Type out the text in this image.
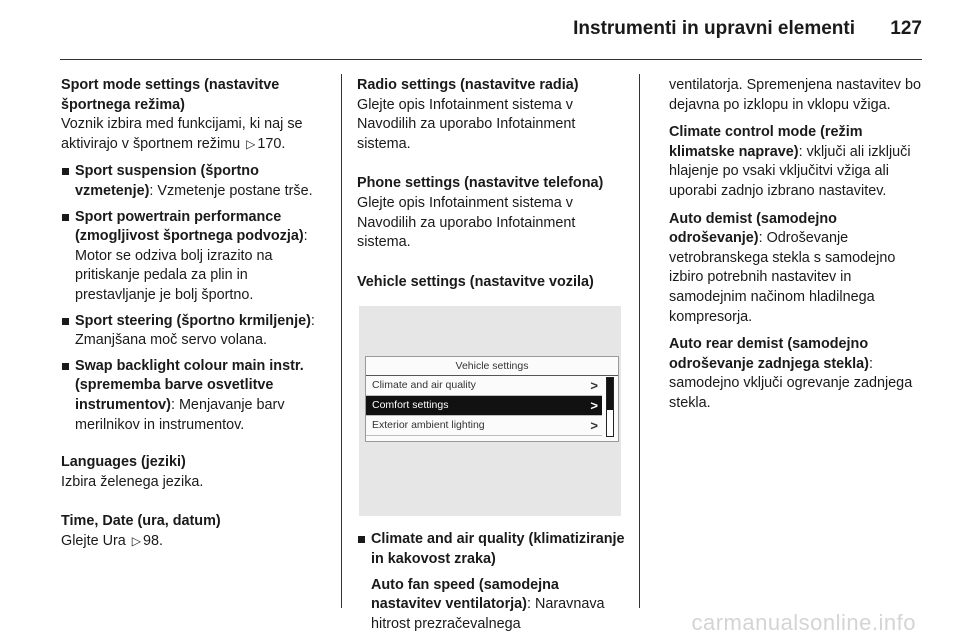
Instrumenti in upravni elementi 127
Sport mode settings (nastavitve športnega režima)

Voznik izbira med funkcijami, ki naj se aktivirajo v športnem režimu ▷ 170.

Sport suspension (športno vzmetenje): Vzmetenje postane trše.
Sport powertrain performance (zmogljivost športnega podvozja): Motor se odziva bolj izrazito na pritiskanje pedala za plin in prestavljanje je bolj športno.
Sport steering (športno krmiljenje): Zmanjšana moč servo volana.
Swap backlight colour main instr. (sprememba barve osvetlitve instrumentov): Menjavanje barv merilnikov in instrumentov.
Languages (jeziki)

Izbira želenega jezika.

Time, Date (ura, datum)

Glejte Ura ▷ 98.

Radio settings (nastavitve radia)

Glejte opis Infotainment sistema v Navodilih za uporabo Infotainment sistema.

Phone settings (nastavitve telefona)

Glejte opis Infotainment sistema v Navodilih za uporabo Infotainment sistema.

Vehicle settings (nastavitve vozila)
Vehicle settings
Climate and air quality	>
Comfort settings	>
Exterior ambient lighting	>
Climate and air quality (klimatiziranje in kakovost zraka)
Auto fan speed (samodejna nastavitev ventilatorja): Naravnava hitrost prezračevalnega

ventilatorja. Spremenjena nastavitev bo dejavna po izklopu in vklopu vžiga.

Climate control mode (režim klimatske naprave): vključi ali izključi hlajenje po vsaki vključitvi vžiga ali uporabi zadnjo izbrano nastavitev.

Auto demist (samodejno odroševanje): Odroševanje vetrobranskega stekla s samodejno izbiro potrebnih nastavitev in samodejnim načinom hladilnega kompresorja.

Auto rear demist (samodejno odroševanje zadnjega stekla): samodejno vključi ogrevanje zadnjega stekla.

carmanualsonline.info
